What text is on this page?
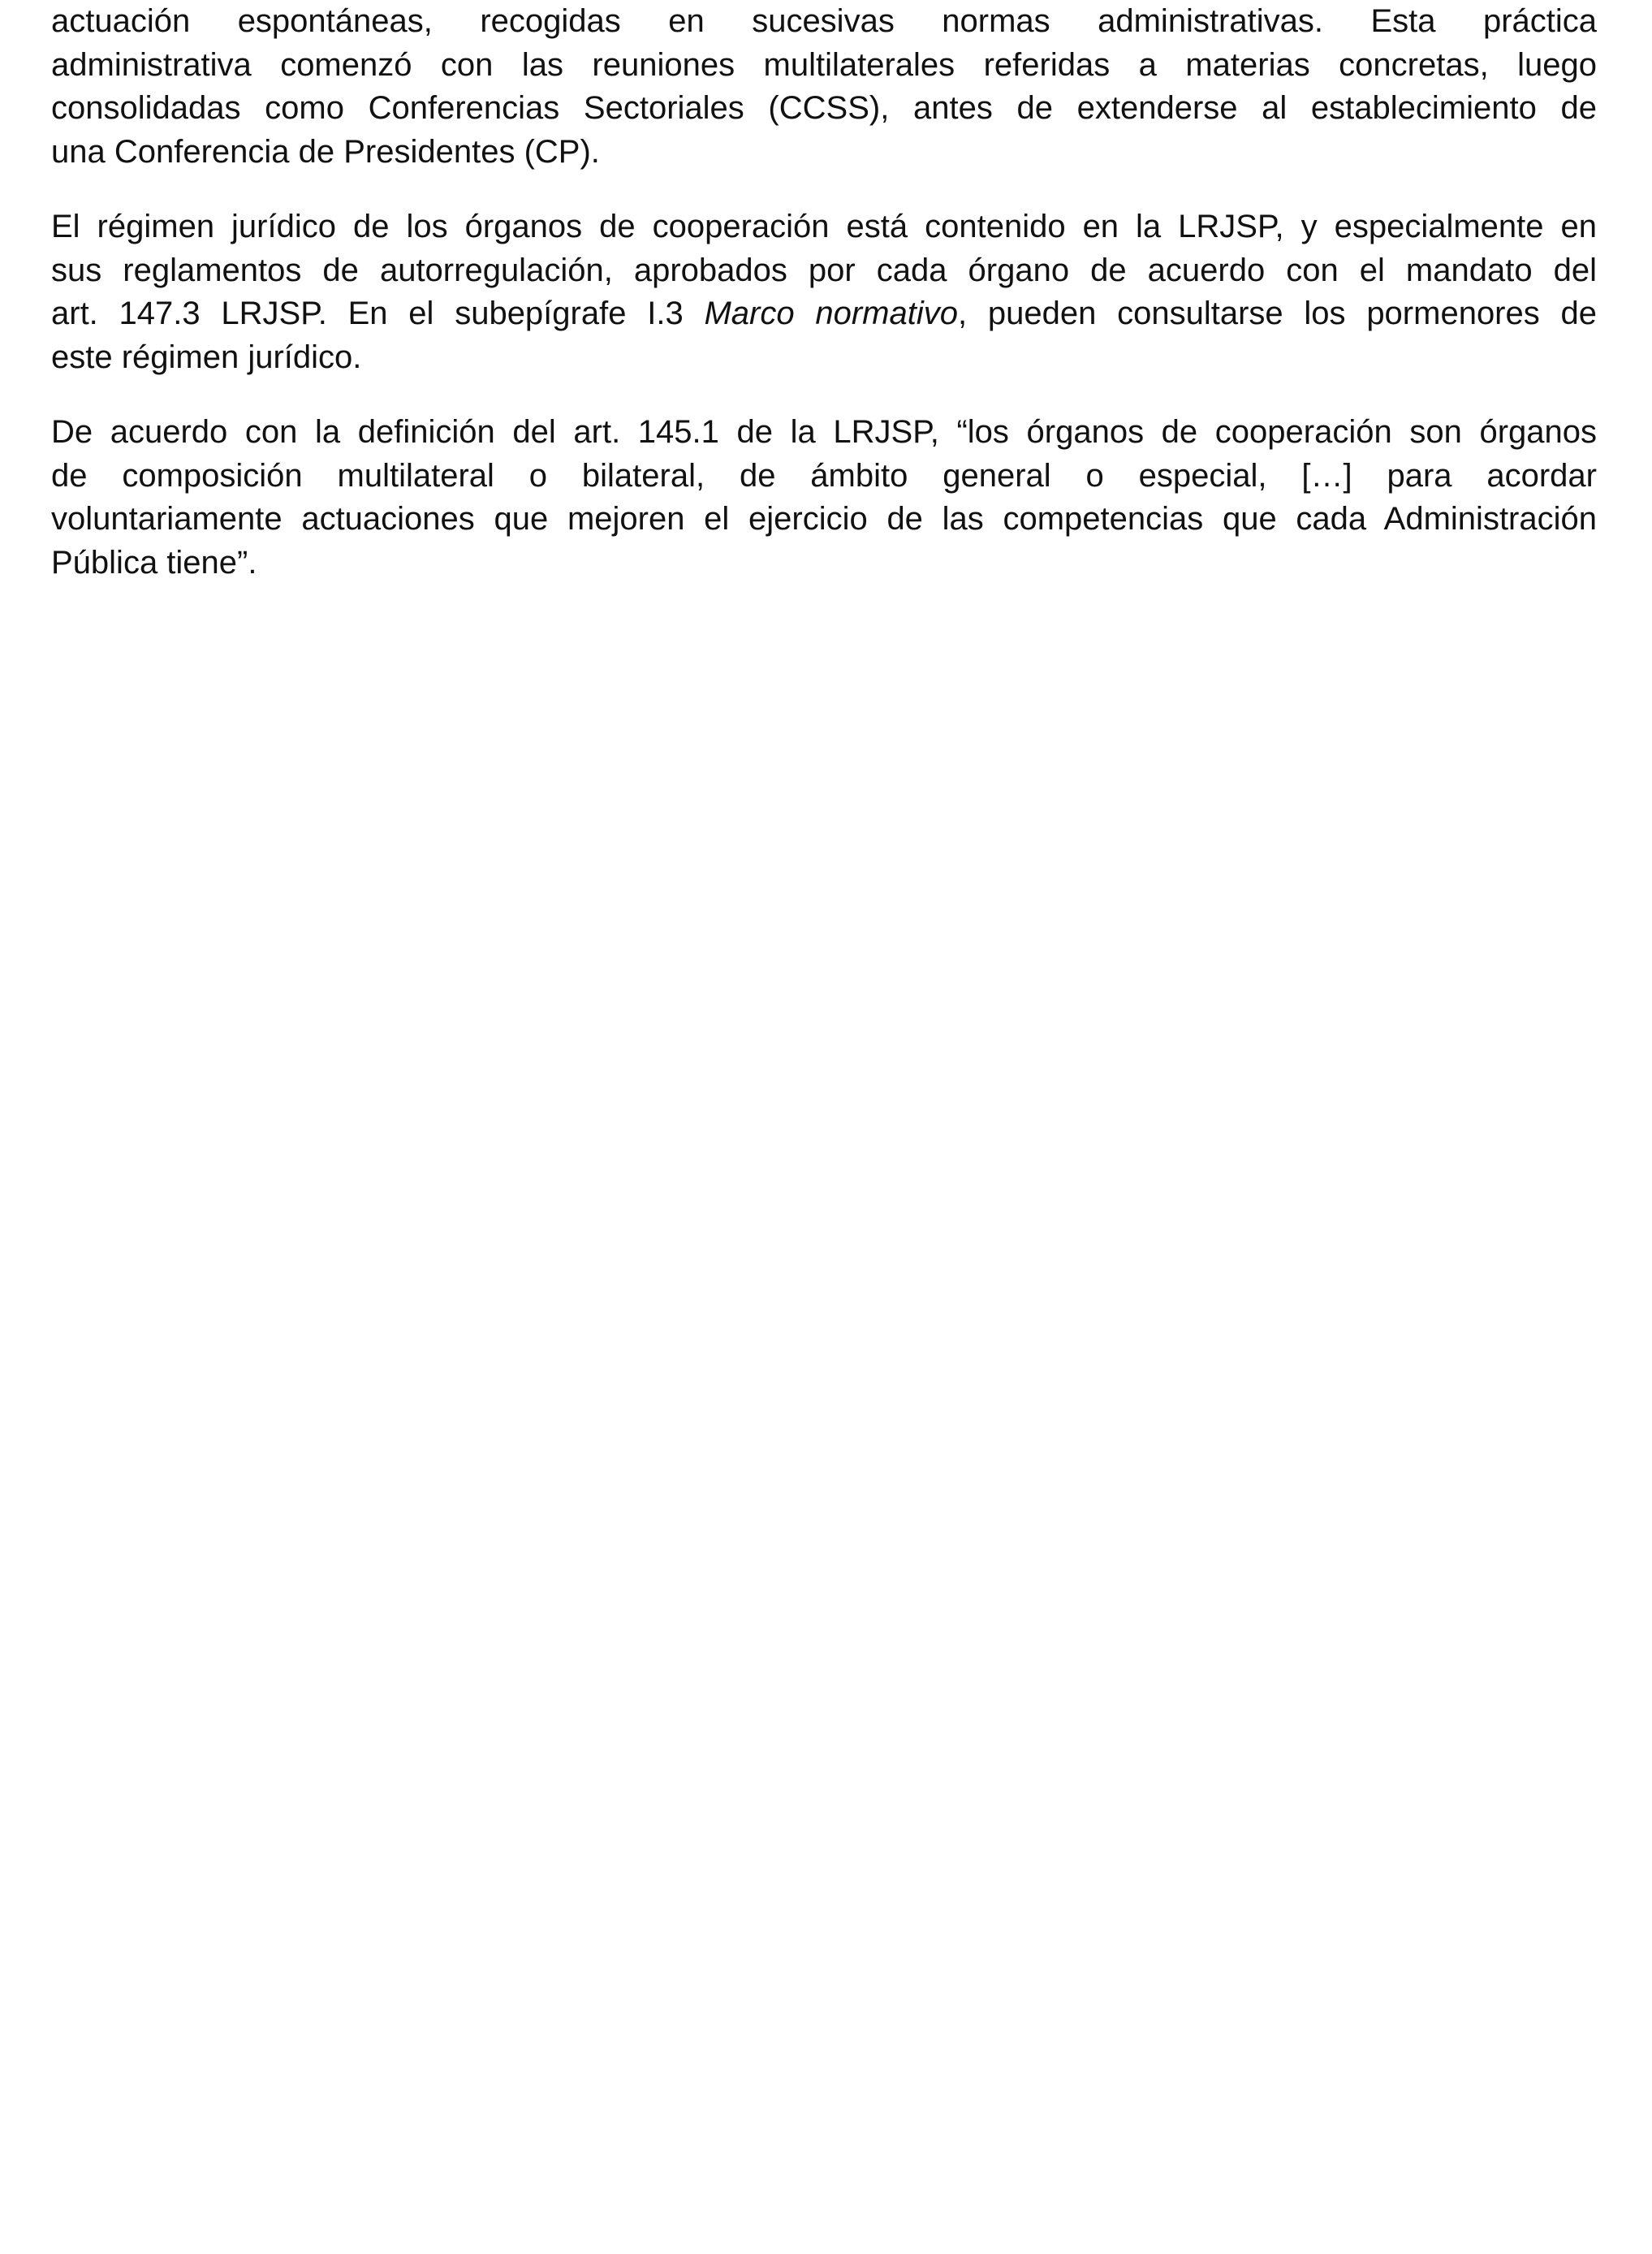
actuación espontáneas, recogidas en sucesivas normas administrativas. Esta práctica
administrativa comenzó con las reuniones multilaterales referidas a materias concretas, luego
consolidadas como Conferencias Sectoriales (CCSS), antes de extenderse al establecimiento de
una Conferencia de Presidentes (CP).

El régimen jurídico de los órganos de cooperación está contenido en la LRJSP, y especialmente en
sus reglamentos de autorregulación, aprobados por cada órgano de acuerdo con el mandato del
art. 147.3 LRJSP. En el subepígrafe I.3 Marco normativo, pueden consultarse los pormenores de
este régimen jurídico.

De acuerdo con la definición del art. 145.1 de la LRJSP, “los órganos de cooperación son órganos
de composición multilateral o bilateral, de ámbito general o especial, […] para acordar
voluntariamente actuaciones que mejoren el ejercicio de las competencias que cada Administración
Pública tiene”.
